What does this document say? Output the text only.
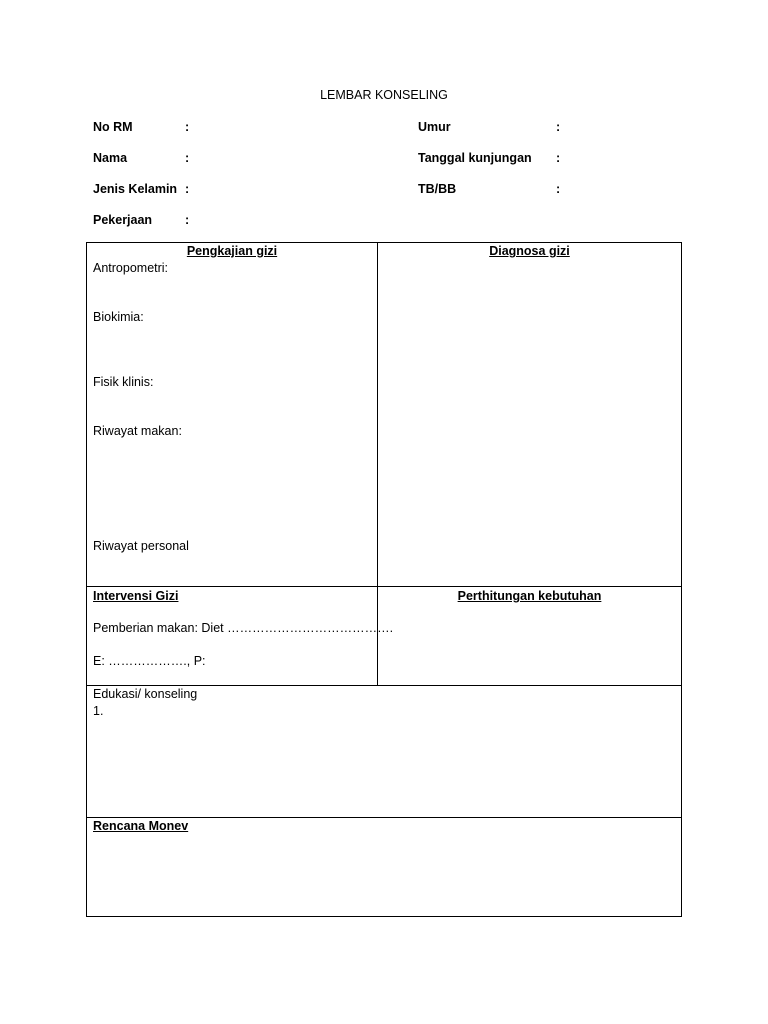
LEMBAR KONSELING
No RM	:
Nama	:
Jenis Kelamin :
Pekerjaan	:
Umur	:
Tanggal kunjungan :
TB/BB	:
Pengkajian gizi
Antropometri:
Biokimia:
Fisik klinis:
Riwayat makan:
Riwayat personal
Diagnosa gizi
Intervensi Gizi
Pemberian makan: Diet ………………………………….
E: ………………., P:
Perthitungan kebutuhan
Edukasi/ konseling
1.
Rencana Monev
